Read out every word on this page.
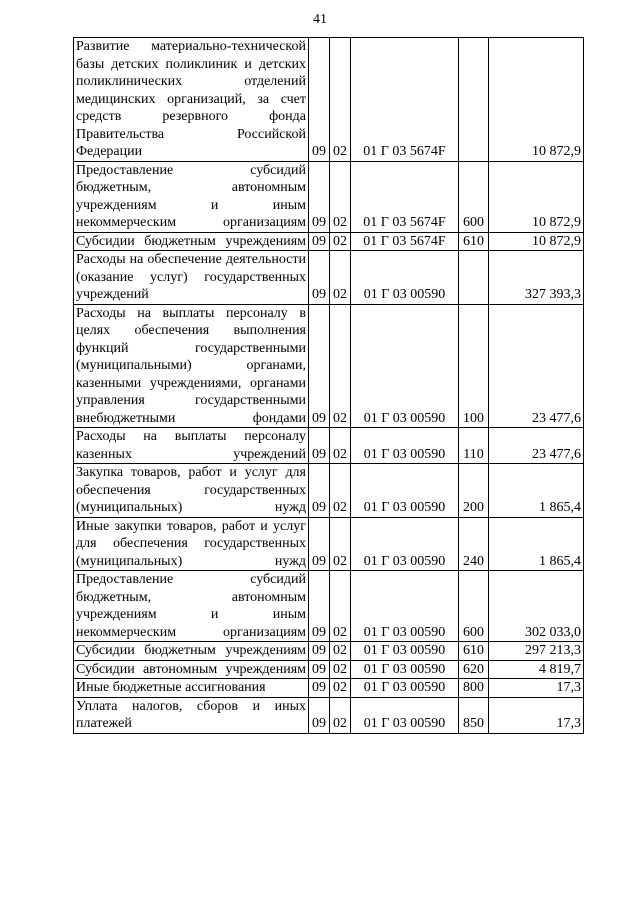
41
Развитие материально-технической базы детских поликлиник и детских поликлинических отделений медицинских организаций, за счет средств резервного фонда Правительства Российской Федерации	09	02	01 Г 03 5674F		10 872,9
Предоставление субсидий бюджетным, автономным учреждениям и иным некоммерческим организациям	09	02	01 Г 03 5674F	600	10 872,9
Субсидии бюджетным учреждениям	09	02	01 Г 03 5674F	610	10 872,9
Расходы на обеспечение деятельности (оказание услуг) государственных учреждений	09	02	01 Г 03 00590		327 393,3
Расходы на выплаты персоналу в целях обеспечения выполнения функций государственными (муниципальными) органами, казенными учреждениями, органами управления государственными внебюджетными фондами	09	02	01 Г 03 00590	100	23 477,6
Расходы на выплаты персоналу казенных учреждений	09	02	01 Г 03 00590	110	23 477,6
Закупка товаров, работ и услуг для обеспечения государственных (муниципальных) нужд	09	02	01 Г 03 00590	200	1 865,4
Иные закупки товаров, работ и услуг для обеспечения государственных (муниципальных) нужд	09	02	01 Г 03 00590	240	1 865,4
Предоставление субсидий бюджетным, автономным учреждениям и иным некоммерческим организациям	09	02	01 Г 03 00590	600	302 033,0
Субсидии бюджетным учреждениям	09	02	01 Г 03 00590	610	297 213,3
Субсидии автономным учреждениям	09	02	01 Г 03 00590	620	4 819,7
Иные бюджетные ассигнования	09	02	01 Г 03 00590	800	17,3
Уплата налогов, сборов и иных платежей	09	02	01 Г 03 00590	850	17,3
